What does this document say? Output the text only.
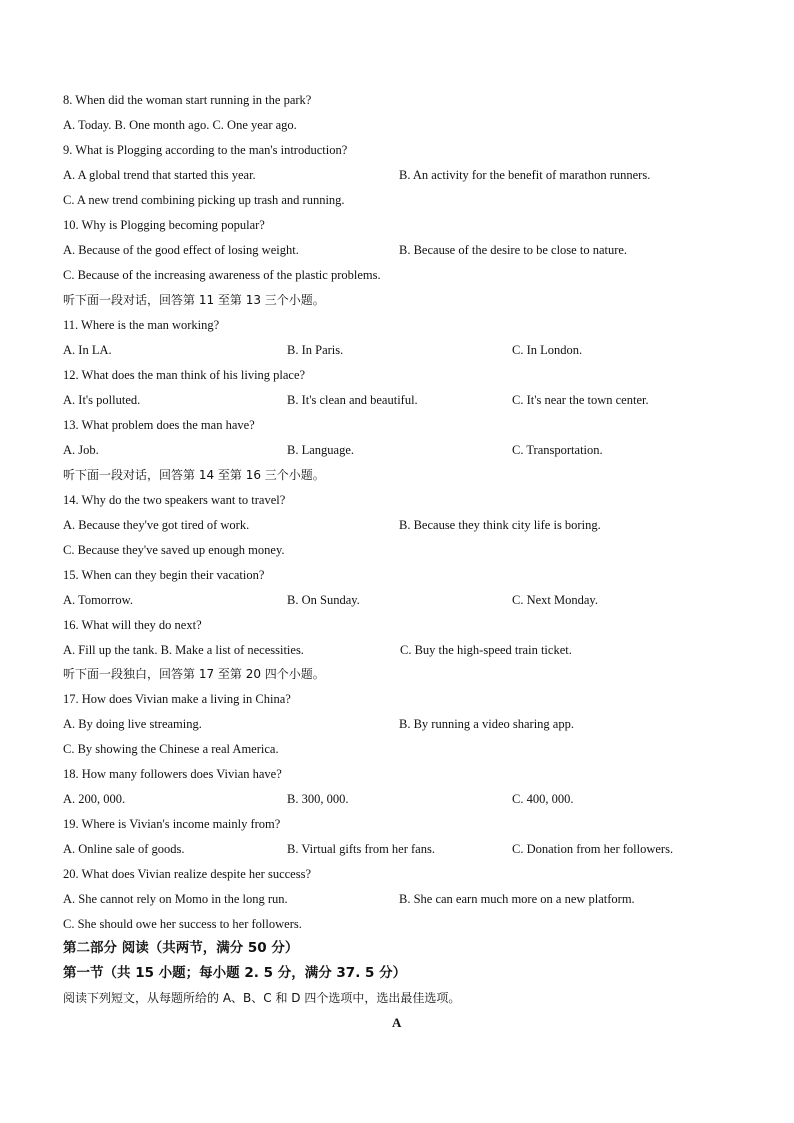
8. When did the woman start running in the park?
A. Today. B. One month ago. C. One year ago.
9. What is Plogging according to the man's introduction?
A. A global trend that started this year.	B. An activity for the benefit of marathon runners.
C. A new trend combining picking up trash and running.
10. Why is Plogging becoming popular?
A. Because of the good effect of losing weight.	B. Because of the desire to be close to nature.
C. Because of the increasing awareness of the plastic problems.
听下面一段对话，回答第 11 至第 13 三个小题。
11. Where is the man working?
A. In LA.	B. In Paris.	C. In London.
12. What does the man think of his living place?
A. It's polluted.	B. It's clean and beautiful.	C. It's near the town center.
13. What problem does the man have?
A. Job.	B. Language.	C. Transportation.
听下面一段对话，回答第 14 至第 16 三个小题。
14. Why do the two speakers want to travel?
A. Because they've got tired of work.	B. Because they think city life is boring.
C. Because they've saved up enough money.
15. When can they begin their vacation?
A. Tomorrow.	B. On Sunday.	C. Next Monday.
16. What will they do next?
A. Fill up the tank. B. Make a list of necessities.	C. Buy the high-speed train ticket.
听下面一段独白，回答第 17 至第 20 四个小题。
17. How does Vivian make a living in China?
A. By doing live streaming.	B. By running a video sharing app.
C. By showing the Chinese a real America.
18. How many followers does Vivian have?
A. 200, 000.	B. 300, 000.	C. 400, 000.
19. Where is Vivian's income mainly from?
A. Online sale of goods.	B. Virtual gifts from her fans.	C. Donation from her followers.
20. What does Vivian realize despite her success?
A. She cannot rely on Momo in the long run.	B. She can earn much more on a new platform.
C. She should owe her success to her followers.
第二部分 阅读（共两节，满分 50 分）
第一节（共 15 小题；每小题 2. 5 分，满分 37. 5 分）
阅读下列短文，从每题所给的 A、B、C 和 D 四个选项中，选出最佳选项。
A
